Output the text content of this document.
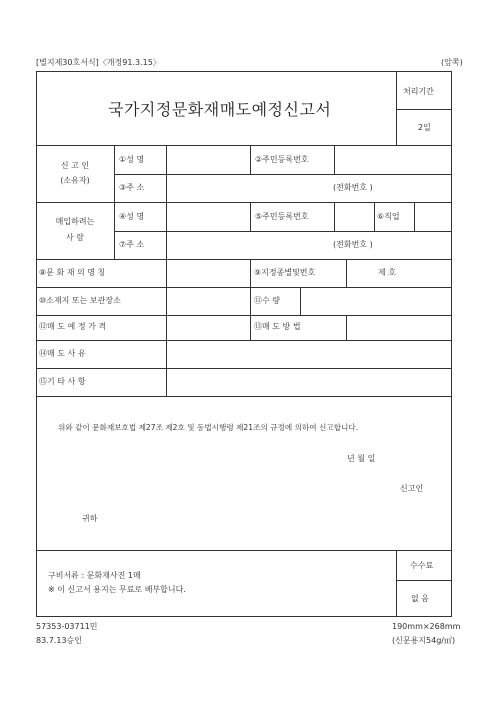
[별지제30호서식]〈개정91.3.15〉	(앞쪽)
국가지정문화재매도예정신고서
처리기간
2일
신 고 인
(소유자)
①성 명	②주민등록번호
③주 소	(전화번호 )
매입하려는
사 람
④성 명	⑤주민등록번호	⑥직업
⑦주 소	(전화번호 )
⑧문 화 재 의 명 칭	⑨지정종별및번호	제 호
⑩소재지 또는 보관장소	⑪수 량
⑫매 도 예 정 가 격	⑬매 도 방 법
⑭매 도 사 유
⑮기 타 사 항
위와 같이 문화재보호법 제27조 제2호 및 동법시행령 제21조의 규정에 의하여 신고합니다.
년 월 일
신고인
귀하
구비서류 : 문화재사진 1매
※ 이 신고서 용지는 무료로 배부합니다.
수수료
없 음
57353-03711민
83.7.13승인
190mm×268mm
(신문용지54g/㎡)
